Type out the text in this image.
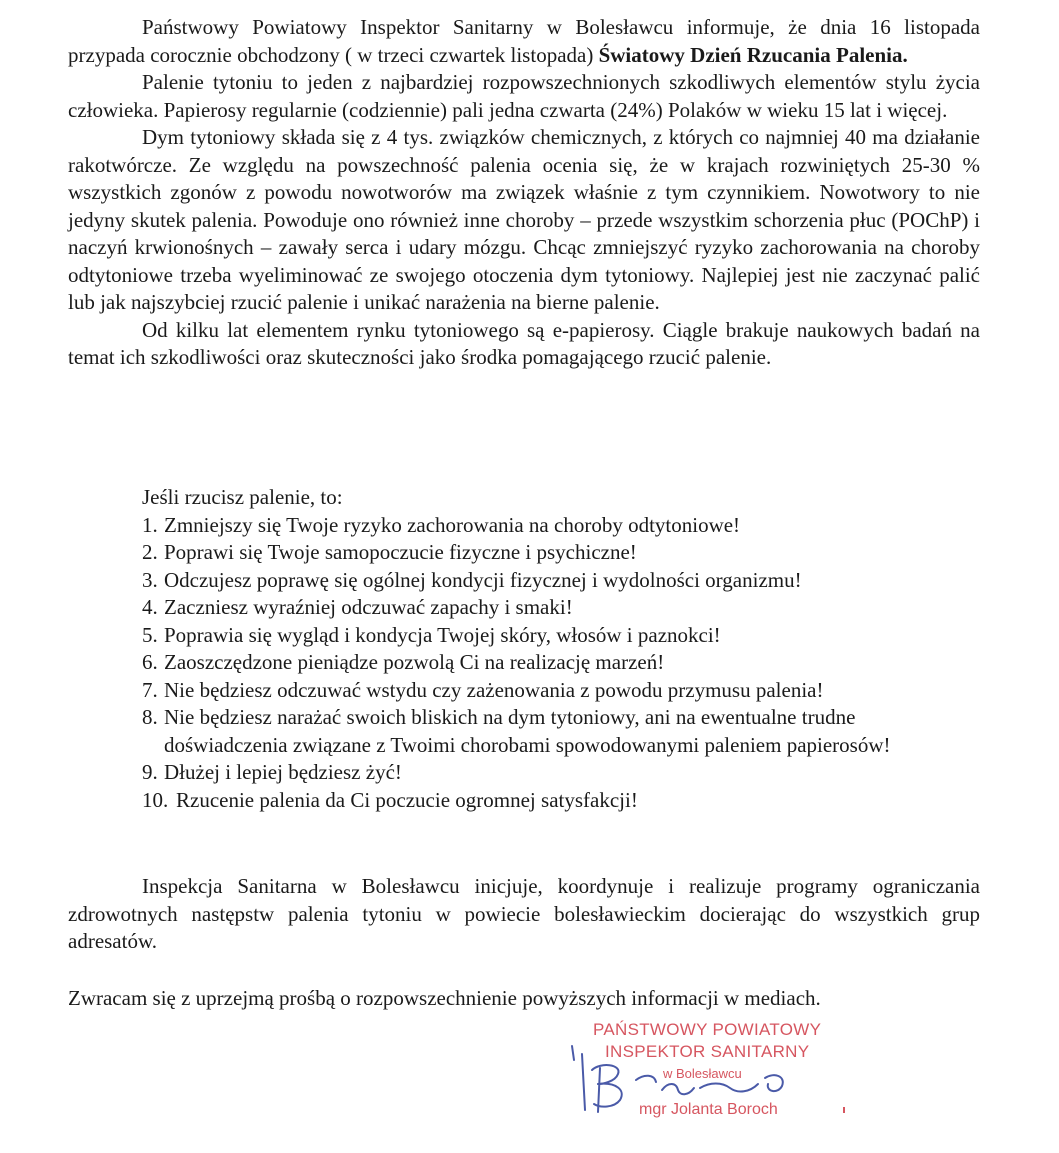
Państwowy Powiatowy Inspektor Sanitarny w Bolesławcu informuje, że dnia 16 listopada przypada corocznie obchodzony ( w trzeci czwartek listopada) Światowy Dzień Rzucania Palenia.

Palenie tytoniu to jeden z najbardziej rozpowszechnionych szkodliwych elementów stylu życia człowieka. Papierosy regularnie (codziennie) pali jedna czwarta (24%) Polaków w wieku 15 lat i więcej.

Dym tytoniowy składa się z 4 tys. związków chemicznych, z których co najmniej 40 ma działanie rakotwórcze. Ze względu na powszechność palenia ocenia się, że w krajach rozwiniętych 25-30 % wszystkich zgonów z powodu nowotworów ma związek właśnie z tym czynnikiem. Nowotwory to nie jedyny skutek palenia. Powoduje ono również inne choroby – przede wszystkim schorzenia płuc (POChP) i naczyń krwionośnych – zawały serca i udary mózgu. Chcąc zmniejszyć ryzyko zachorowania na choroby odtytoniowe trzeba wyeliminować ze swojego otoczenia dym tytoniowy. Najlepiej jest nie zaczynać palić lub jak najszybciej rzucić palenie i unikać narażenia na bierne palenie.

Od kilku lat elementem rynku tytoniowego są e-papierosy. Ciągle brakuje naukowych badań na temat ich szkodliwości oraz skuteczności jako środka pomagającego rzucić palenie.

Jeśli rzucisz palenie, to:

1. Zmniejszy się Twoje ryzyko zachorowania na choroby odtytoniowe!
2. Poprawi się Twoje samopoczucie fizyczne i psychiczne!
3. Odczujesz poprawę się ogólnej kondycji fizycznej i wydolności organizmu!
4. Zaczniesz wyraźniej odczuwać zapachy i smaki!
5. Poprawia się wygląd i kondycja Twojej skóry, włosów i paznokci!
6. Zaoszczędzone pieniądze pozwolą Ci na realizację marzeń!
7. Nie będziesz odczuwać wstydu czy zażenowania z powodu przymusu palenia!
8. Nie będziesz narażać swoich bliskich na dym tytoniowy, ani na ewentualne trudne doświadczenia związane z Twoimi chorobami spowodowanymi paleniem papierosów!
9. Dłużej i lepiej będziesz żyć!
10. Rzucenie palenia da Ci poczucie ogromnej satysfakcji!

Inspekcja Sanitarna w Bolesławcu inicjuje, koordynuje i realizuje programy ograniczania zdrowotnych następstw palenia tytoniu w powiecie bolesławieckim docierając do wszystkich grup adresatów.

Zwracam się z uprzejmą prośbą o rozpowszechnienie powyższych informacji w mediach.
PAŃSTWOWY POWIATOWY
INSPEKTOR SANITARNY
w Bolesławcu
mgr Jolanta Boroch
